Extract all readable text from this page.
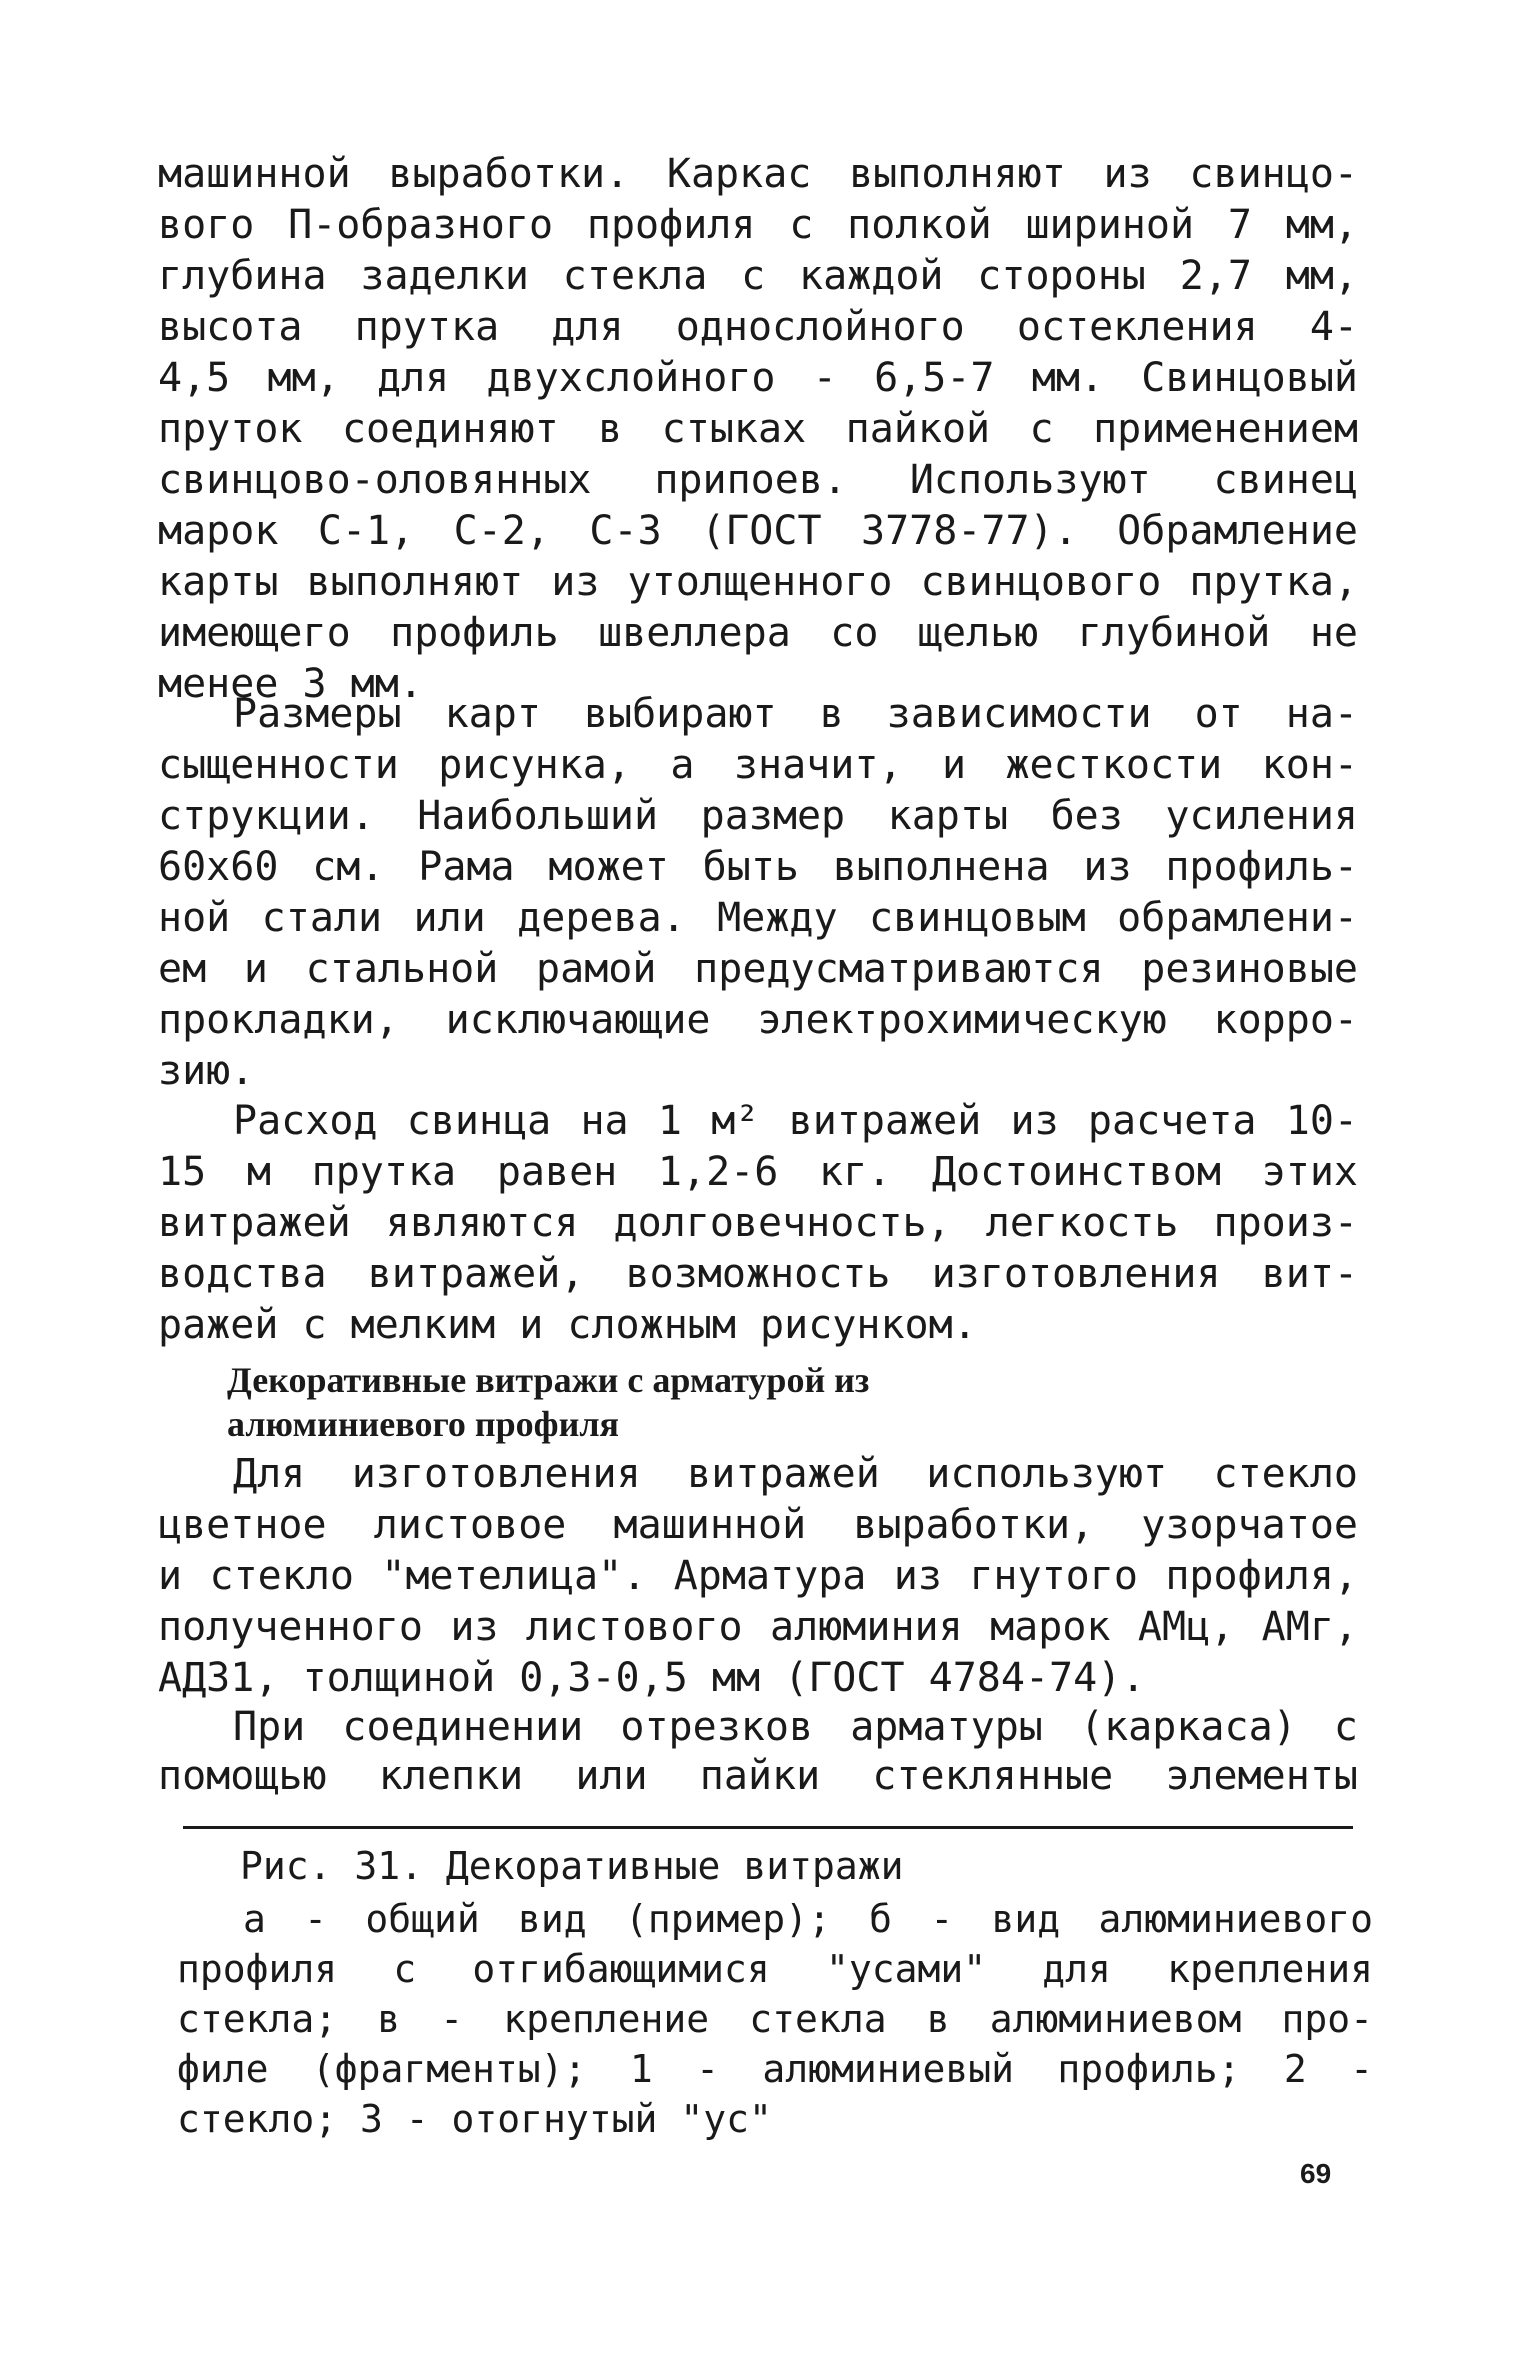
машинной выработки. Каркас выполняют из свинцо-
вого П-образного профиля с полкой шириной 7 мм,
глубина заделки стекла с каждой стороны 2,7 мм,
высота прутка для однослойного остекления 4-
4,5 мм, для двухслойного - 6,5-7 мм. Свинцовый
пруток соединяют в стыках пайкой с применением
свинцово-оловянных припоев. Используют свинец
марок С-1, С-2, С-3 (ГОСТ 3778-77). Обрамление
карты выполняют из утолщенного свинцового прутка,
имеющего профиль швеллера со щелью глубиной не
менее 3 мм.
Размеры карт выбирают в зависимости от на-
сыщенности рисунка, а значит, и жесткости кон-
струкции. Наибольший размер карты без усиления
60х60 см. Рама может быть выполнена из профиль-
ной стали или дерева. Между свинцовым обрамлени-
ем и стальной рамой предусматриваются резиновые
прокладки, исключающие электрохимическую корро-
зию.
Расход свинца на 1 м² витражей из расчета 10-
15 м прутка равен 1,2-6 кг. Достоинством этих
витражей являются долговечность, легкость произ-
водства витражей, возможность изготовления вит-
ражей с мелким и сложным рисунком.
Декоративные витражи с арматурой из
алюминиевого профиля
Для изготовления витражей используют стекло
цветное листовое машинной выработки, узорчатое
и стекло "метелица". Арматура из гнутого профиля,
полученного из листового алюминия марок АМц, АМг,
АД31, толщиной 0,3-0,5 мм (ГОСТ 4784-74).
При соединении отрезков арматуры (каркаса) с
помощью клепки или пайки стеклянные элементы
Рис. 31. Декоративные витражи
а - общий вид (пример); б - вид алюминиевого
профиля с отгибающимися "усами" для крепления
стекла; в - крепление стекла в алюминиевом про-
филе (фрагменты); 1 - алюминиевый профиль; 2 -
стекло; 3 - отогнутый "ус"
69
